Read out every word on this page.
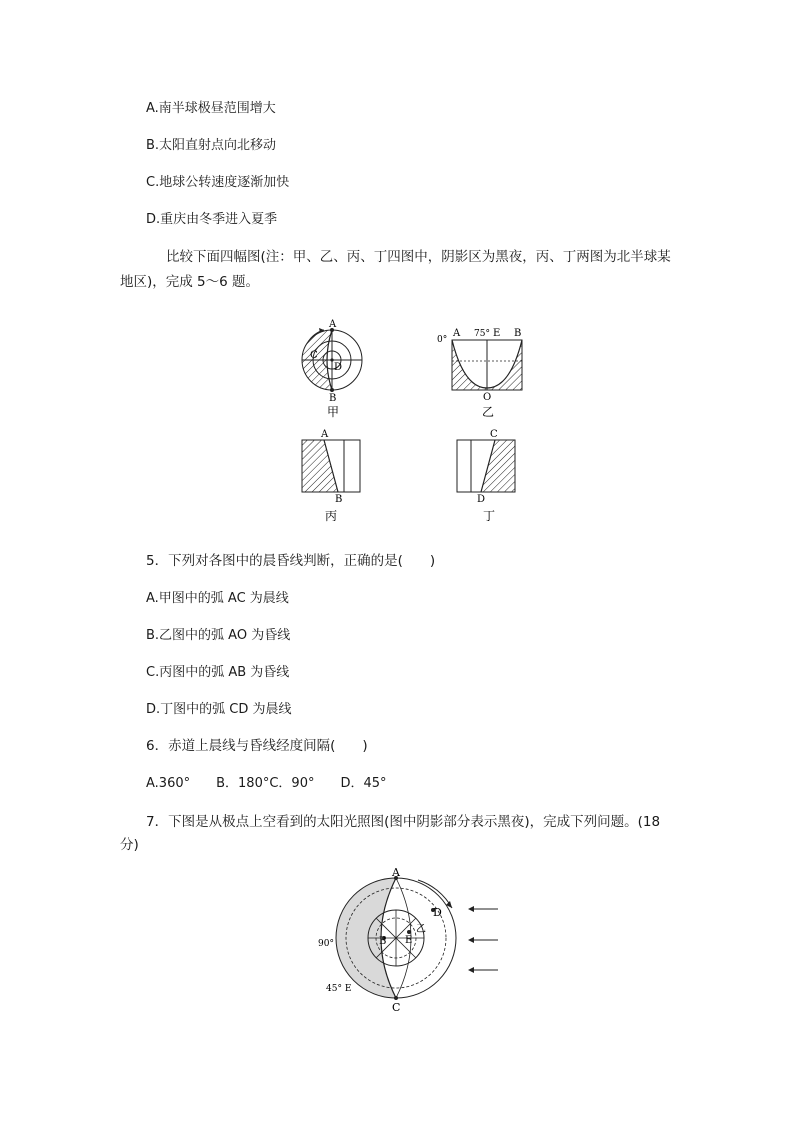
A.南半球极昼范围增大
B.太阳直射点向北移动
C.地球公转速度逐渐加快
D.重庆由冬季进入夏季
比较下面四幅图(注：甲、乙、丙、丁四图中，阴影区为黑夜，丙、丁两图为北半球某
地区)，完成 5～6 题。
A
C
D
B
甲
0°
A 75° E B
O
乙
A
B
丙
C
D
丁
5．下列对各图中的晨昏线判断，正确的是(　　)
A.甲图中的弧 AC 为晨线
B.乙图中的弧 AO 为昏线
C.丙图中的弧 AB 为昏线
D.丁图中的弧 CD 为晨线
6．赤道上晨线与昏线经度间隔(　　)
A.360°　　B．180°C．90°　　D．45°
7．下图是从极点上空看到的太阳光照图(图中阴影部分表示黑夜)，完成下列问题。(18
分)
A
D
B E
乙
90°
45° E
C
